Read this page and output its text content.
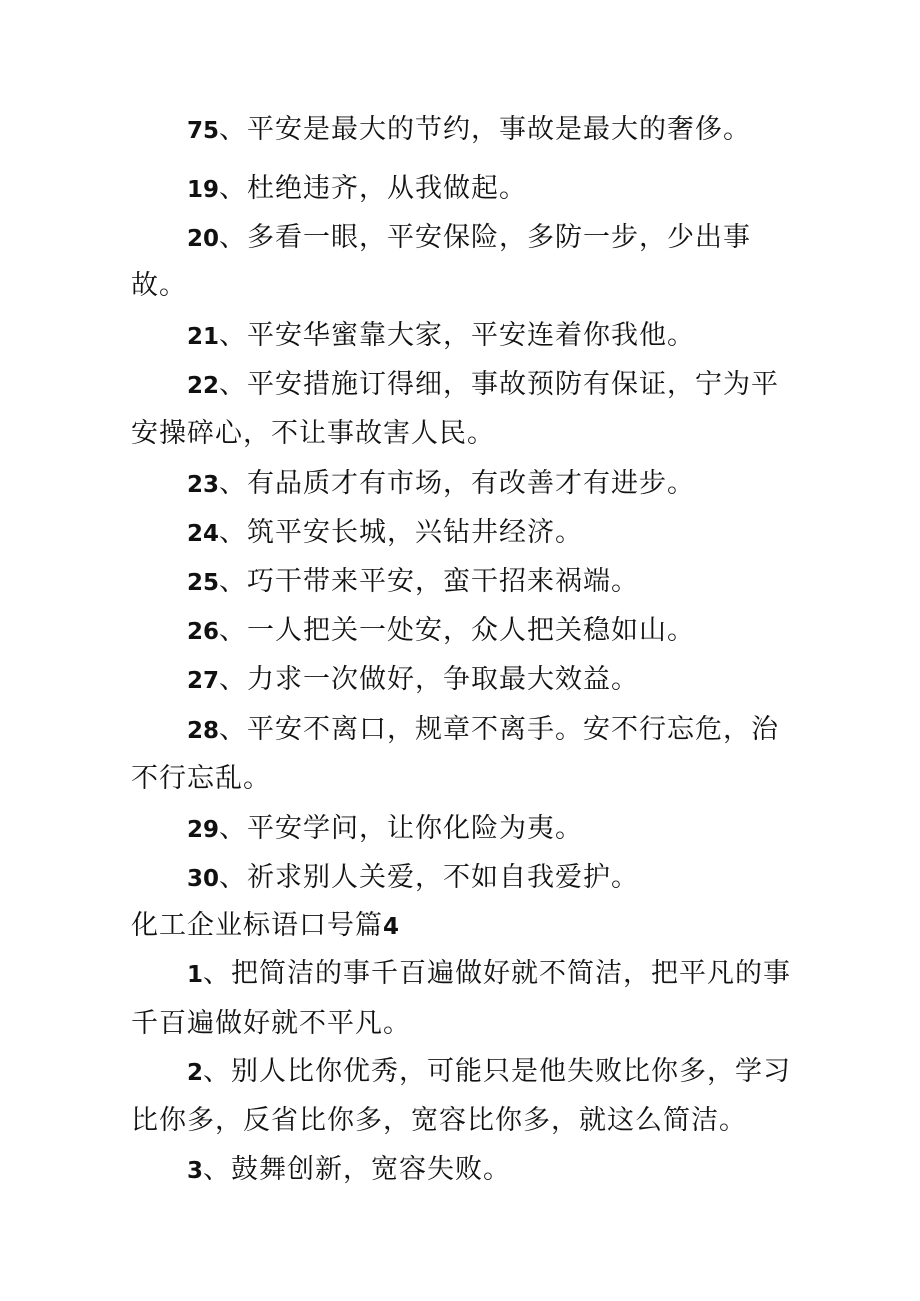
75、平安是最大的节约，事故是最大的奢侈。
19、杜绝违齐，从我做起。
20、多看一眼，平安保险，多防一步，少出事
故。
21、平安华蜜靠大家，平安连着你我他。
22、平安措施订得细，事故预防有保证，宁为平
安操碎心，不让事故害人民。
23、有品质才有市场，有改善才有进步。
24、筑平安长城，兴钻井经济。
25、巧干带来平安，蛮干招来祸端。
26、一人把关一处安，众人把关稳如山。
27、力求一次做好，争取最大效益。
28、平安不离口，规章不离手。安不行忘危，治
不行忘乱。
29、平安学问，让你化险为夷。
30、祈求别人关爱，不如自我爱护。
化工企业标语口号篇4
1、把简洁的事千百遍做好就不简洁，把平凡的事
千百遍做好就不平凡。
2、别人比你优秀，可能只是他失败比你多，学习
比你多，反省比你多，宽容比你多，就这么简洁。
3、鼓舞创新，宽容失败。
